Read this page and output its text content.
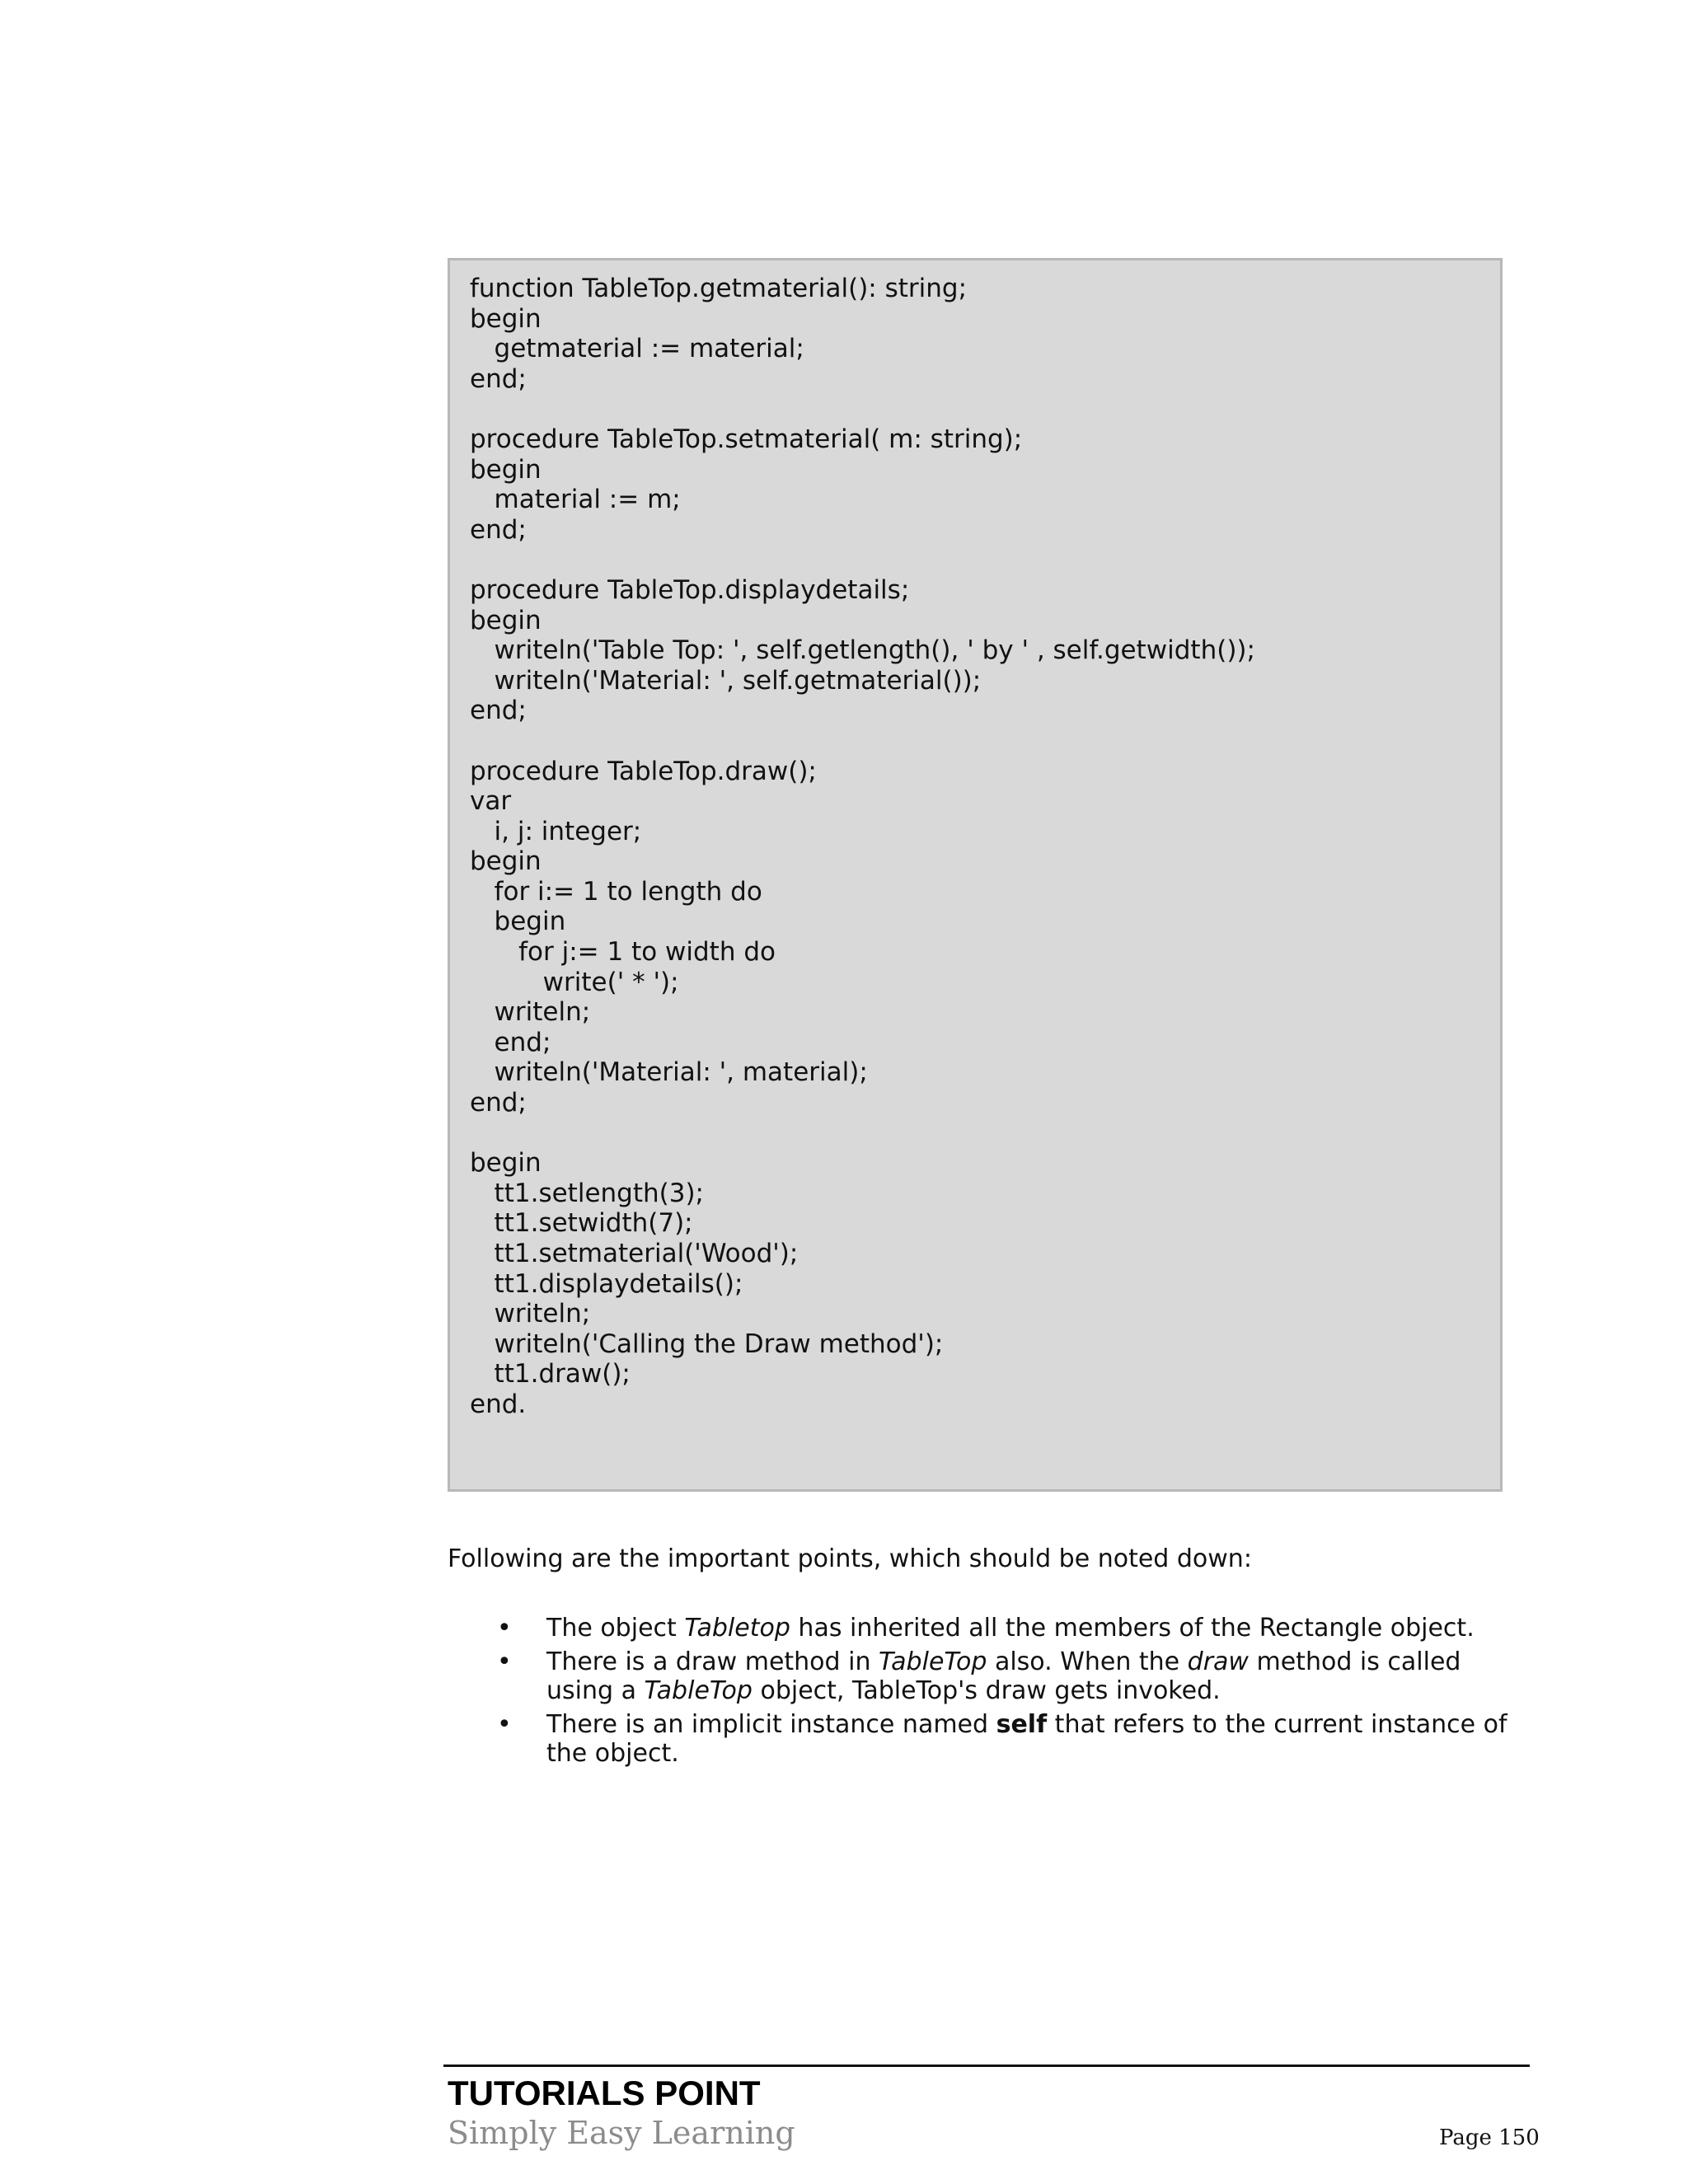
function TableTop.getmaterial(): string;
begin
getmaterial := material;
end;
procedure TableTop.setmaterial( m: string);
begin
material := m;
end;
procedure TableTop.displaydetails;
begin
writeln('Table Top: ', self.getlength(), ' by ' , self.getwidth());
writeln('Material: ', self.getmaterial());
end;
procedure TableTop.draw();
var
i, j: integer;
begin
for i:= 1 to length do
begin
for j:= 1 to width do
write(' * ');
writeln;
end;
writeln('Material: ', material);
end;
begin
tt1.setlength(3);
tt1.setwidth(7);
tt1.setmaterial('Wood');
tt1.displaydetails();
writeln;
writeln('Calling the Draw method');
tt1.draw();
end.
Following are the important points, which should be noted down:
• The object Tabletop has inherited all the members of the Rectangle object.
• There is a draw method in TableTop also. When the draw method is called using a TableTop object, TableTop's draw gets invoked.
• There is an implicit instance named self that refers to the current instance of the object.
TUTORIALS POINT
Simply Easy Learning	Page 150
